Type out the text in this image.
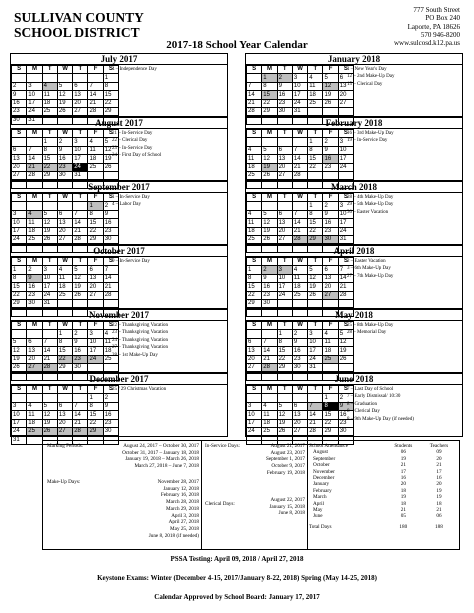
SULLIVAN COUNTY
SCHOOL DISTRICT
777 South Street
PO Box 240
Laporte, PA 18626
570 946-8200
www.sulcosd.k12.pa.us
2017-18 School Year Calendar
July 2017
S	M	T	W	T	F	S
						1
2	3	4	5	6	7	8
9	10	11	12	13	14	15
16	17	18	19	20	21	22
23	24	25	26	27	28	29
30	31					
4 – Independence Day
August 2017
S	M	T	W	T	F	S
		1	2	3	4	5
6	7	8	9	10	11	12
13	14	15	16	17	18	19
20	21	22	23	24	25	26
27	28	29	30	31		

21 – In-Service Day
22 – Clerical Day
23 – In-Service Day
24 – First Day of School
September 2017
S	M	T	W	T	F	S
					1	2
3	4	5	6	7	8	9
10	11	12	13	14	15	16
17	18	19	20	21	22	23
24	25	26	27	28	29	30

1 – In-Service Day
4 – Labor Day
October 2017
S	M	T	W	T	F	S
1	2	3	4	5	6	7
8	9	10	11	12	13	14
15	16	17	18	19	20	21
22	23	24	25	26	27	28
29	30	31				

9 – In-Service Day
November 2017
S	M	T	W	T	F	S
			1	2	3	4
5	6	7	8	9	10	11
12	13	14	15	16	17	18
19	20	21	22	23	24	25
26	27	28	29	30		

22 – Thanksgiving Vacation
23 – Thanksgiving Vacation
24 – Thanksgiving Vacation
27 – Thanksgiving Vacation
28 – 1st Make-Up Day
December 2017
S	M	T	W	T	F	S
					1	2
3	4	5	6	7	8	9
10	11	12	13	14	15	16
17	18	19	20	21	22	23
24	25	26	27	28	29	30
31						
25 / 29 Christmas Vacation
January 2018
S	M	T	W	T	F	S
	1	2	3	4	5	6
7	8	9	10	11	12	13
14	15	16	17	18	19	20
21	22	23	24	25	26	27
28	29	30	31			

1 – New Year's Day
12 – 2nd Make-Up Day
15 – Clerical Day
February 2018
S	M	T	W	T	F	S
				1	2	3
4	5	6	7	8	9	10
11	12	13	14	15	16	17
18	19	20	21	22	23	24
25	26	27	28			

16 – 3rd Make-Up Day
19 – In-Service Day
March 2018
S	M	T	W	T	F	S
				1	2	3
4	5	6	7	8	9	10
11	12	13	14	15	16	17
18	19	20	21	22	23	24
25	26	27	28	29	30	31

28 – 4th Make-Up Day
29 – 5th Make-Up Day
30 – Easter Vacation
April 2018
S	M	T	W	T	F	S
1	2	3	4	5	6	7
8	9	10	11	12	13	14
15	16	17	18	19	20	21
22	23	24	25	26	27	28
29	30					

2 – Easter Vacation
3 – 6th Make-Up Day
27 – 7th Make-Up Day
May 2018
S	M	T	W	T	F	S
		1	2	3	4	5
6	7	8	9	10	11	12
13	14	15	16	17	18	19
20	21	22	23	24	25	26
27	28	29	30	31		

25 – 8th Make-Up Day
28 – Memorial Day
June 2018
S	M	T	W	T	F	S
					1	2
3	4	5	6	7	8	9
10	11	12	13	14	15	16
17	18	19	20	21	22	23
24	25	26	27	28	29	30

7 – Last Day of School
7 – Early Dismissal/ 10:30
8 – Graduation
8 – Clerical Day
8 – 9th Make-Up Day (if needed)
Marking Periods:	August 24, 2017 – October 30, 2017
October 31, 2017 – January 18, 2018
January 19, 2018 – March 26, 2018
March 27, 2018 – June 7, 2018
Make-Up Days:	November 28, 2017
January 12, 2018
February 16, 2018
March 28, 2018
March 29, 2018
April 3, 2018
April 27, 2018
May 25, 2018
June 8, 2018 (if needed)
In-Service Days:	August 21, 2017
August 23, 2017
September 1, 2017
October 9, 2017
February 19, 2018
Clerical Days:
August 22, 2017
January 15, 2018
June 8, 2018
School Attendance	Students	Teachers
August	06	09
September	19	20
October	21	21
November	17	17
December	16	16
January	20	20
February	18	19
March	19	19
April	18	18
May	21	21
June	05	06
Total Days	180	188
PSSA Testing: April 09, 2018 / April 27, 2018
Keystone Exams: Winter (December 4-15, 2017/January 8-22, 2018) Spring (May 14-25, 2018)
Calendar Approved by School Board: January 17, 2017
